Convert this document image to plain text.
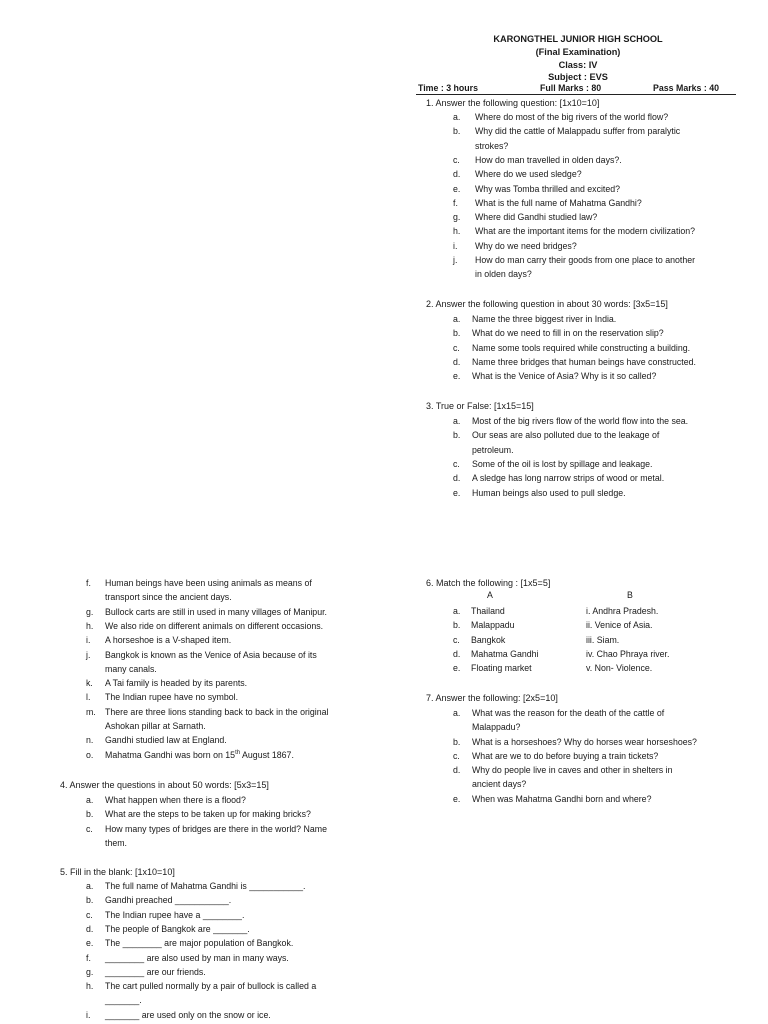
KARONGTHEL JUNIOR HIGH SCHOOL
(Final Examination)
Class: IV
Subject : EVS
Time : 3 hours	Full Marks : 80	Pass Marks : 40
1. Answer the following question: [1x10=10]
a. Where do most of the big rivers of the world flow?
b. Why did the cattle of Malappadu suffer from paralytic
strokes?
c. How do man travelled in olden days?.
d. Where do we used sledge?
e. Why was Tomba thrilled and excited?
f. What is the full name of Mahatma Gandhi?
g. Where did Gandhi studied law?
h. What are the important items for the modern civilization?
i. Why do we need bridges?
j. How do man carry their goods from one place to another
in olden days?
2. Answer the following question in about 30 words: [3x5=15]
a. Name the three biggest river in India.
b. What do we need to fill in on the reservation slip?
c. Name some tools required while constructing a building.
d. Name three bridges that human beings have constructed.
e. What is the Venice of Asia? Why is it so called?
3. True or False: [1x15=15]
a. Most of the big rivers flow of the world flow into the sea.
b. Our seas are also polluted due to the leakage of
petroleum.
c. Some of the oil is lost by spillage and leakage.
d. A sledge has long narrow strips of wood or metal.
e. Human beings also used to pull sledge.
f. Human beings have been using animals as means of
transport since the ancient days.
g. Bullock carts are still in used in many villages of Manipur.
h. We also ride on different animals on different occasions.
i. A horseshoe is a V-shaped item.
j. Bangkok is known as the Venice of Asia because of its
many canals.
k. A Tai family is headed by its parents.
l. The Indian rupee have no symbol.
m. There are three lions standing back to back in the original
Ashokan pillar at Sarnath.
n. Gandhi studied law at England.
o. Mahatma Gandhi was born on 15th August 1867.
4. Answer the questions in about 50 words: [5x3=15]
a. What happen when there is a flood?
b. What are the steps to be taken up for making bricks?
c. How many types of bridges are there in the world? Name
them.
5. Fill in the blank: [1x10=10]
a. The full name of Mahatma Gandhi is ___________.
b. Gandhi preached ___________.
c. The Indian rupee have a ________.
d. The people of Bangkok are _______.
e. The ________ are major population of Bangkok.
f. ________ are also used by man in many ways.
g. ________ are our friends.
h. The cart pulled normally by a pair of bullock is called a
_______.
i. _______ are used only on the snow or ice.
6. Match the following : [1x5=5]
A	B
a. Thailand	i. Andhra Pradesh.
b. Malappadu	ii. Venice of Asia.
c. Bangkok	iii. Siam.
d. Mahatma Gandhi	iv. Chao Phraya river.
e. Floating market	v. Non- Violence.
7. Answer the following: [2x5=10]
a. What was the reason for the death of the cattle of
Malappadu?
b. What is a horseshoes? Why do horses wear horseshoes?
c. What are we to do before buying a train tickets?
d. Why do people live in caves and other in shelters in
ancient days?
e. When was Mahatma Gandhi born and where?
